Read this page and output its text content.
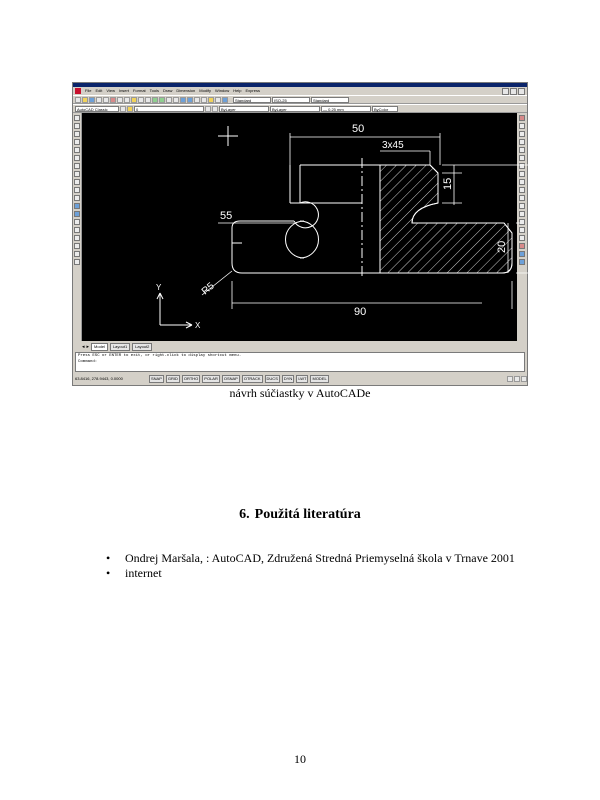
File Edit View Insert Format Tools Draw Dimension Modify Window Help Express
Standard	ISO-25	Standard
AutoCAD Classic	0	ByLayer	ByLayer	— 0.25 mm	ByColor
50
3x45
15
45
20
55
R5
90
Y
X
◂ ▸	Model	Layout1	Layout2
Press ESC or ENTER to exit, or right-click to display shortcut menu.
Command:
63.8416, 278.9443, 0.0000	SNAP	GRID	ORTHO	POLAR	OSNAP	OTRACK	DUCS	DYN	LWT	MODEL
návrh súčiastky v AutoCADe
6. Použitá literatúra
• Ondrej Maršala, : AutoCAD, Združená Stredná Priemyselná škola v Trnave 2001
• internet
10
